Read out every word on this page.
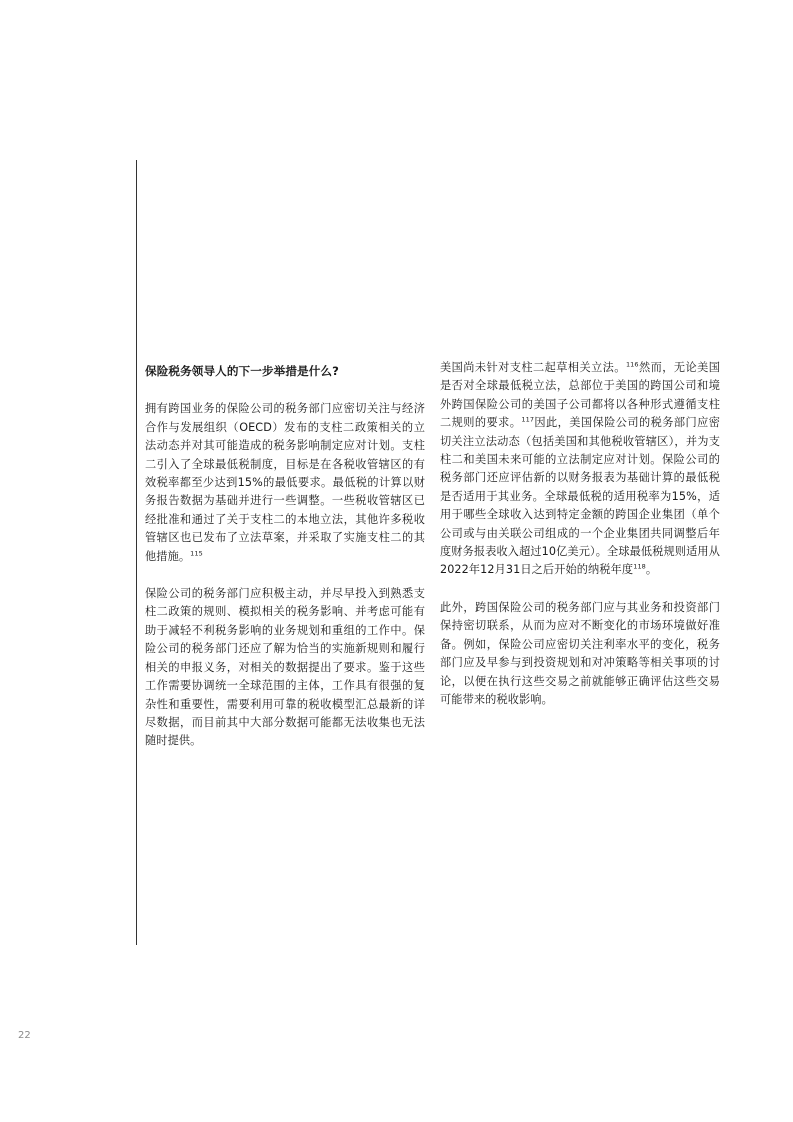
保险税务领导人的下一步举措是什么?

拥有跨国业务的保险公司的税务部门应密切关注与经济合作与发展组织（OECD）发布的支柱二政策相关的立法动态并对其可能造成的税务影响制定应对计划。支柱二引入了全球最低税制度，目标是在各税收管辖区的有效税率都至少达到15%的最低要求。最低税的计算以财务报告数据为基础并进行一些调整。一些税收管辖区已经批准和通过了关于支柱二的本地立法，其他许多税收管辖区也已发布了立法草案，并采取了实施支柱二的其他措施。$^{115}$

保险公司的税务部门应积极主动，并尽早投入到熟悉支柱二政策的规则、模拟相关的税务影响、并考虑可能有助于减轻不利税务影响的业务规划和重组的工作中。保险公司的税务部门还应了解为恰当的实施新规则和履行相关的申报义务，对相关的数据提出了要求。鉴于这些工作需要协调统一全球范围的主体，工作具有很强的复杂性和重要性，需要利用可靠的税收模型汇总最新的详尽数据，而目前其中大部分数据可能都无法收集也无法随时提供。

美国尚未针对支柱二起草相关立法。$^{116}$然而，无论美国是否对全球最低税立法，总部位于美国的跨国公司和境外跨国保险公司的美国子公司都将以各种形式遵循支柱二规则的要求。$^{117}$因此，美国保险公司的税务部门应密切关注立法动态（包括美国和其他税收管辖区），并为支柱二和美国未来可能的立法制定应对计划。保险公司的税务部门还应评估新的以财务报表为基础计算的最低税是否适用于其业务。全球最低税的适用税率为15%，适用于哪些全球收入达到特定金额的跨国企业集团（单个公司或与由关联公司组成的一个企业集团共同调整后年度财务报表收入超过10亿美元）。全球最低税规则适用从2022年12月31日之后开始的纳税年度$^{118}$。

此外，跨国保险公司的税务部门应与其业务和投资部门保持密切联系，从而为应对不断变化的市场环境做好准备。例如，保险公司应密切关注利率水平的变化，税务部门应及早参与到投资规划和对冲策略等相关事项的讨论，以便在执行这些交易之前就能够正确评估这些交易可能带来的税收影响。

22
